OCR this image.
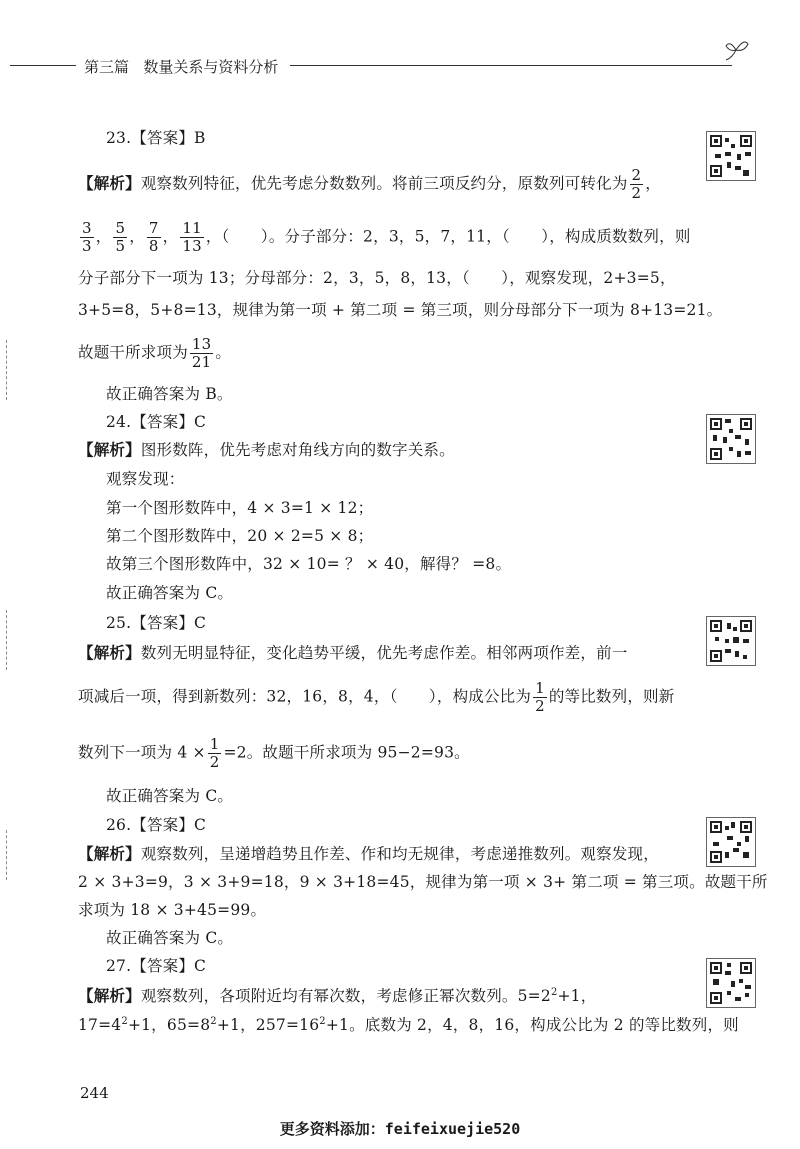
第三篇 数量关系与资料分析
23.【答案】B
【解析】观察数列特征，优先考虑分数数列。将前三项反约分，原数列可转化为 $\frac{2}{2}$ ，
$\frac{3}{3}$ ， $\frac{5}{5}$ ， $\frac{7}{8}$ ， $\frac{11}{13}$ ，（　　）。分子部分：2，3，5，7，11，（　　），构成质数数列，则
分子部分下一项为 13；分母部分：2，3，5，8，13，（　　），观察发现，2+3=5，
3+5=8，5+8=13，规律为第一项 + 第二项 = 第三项，则分母部分下一项为 8+13=21。
故题干所求项为 $\frac{13}{21}$ 。
故正确答案为 B。
24.【答案】C
【解析】图形数阵，优先考虑对角线方向的数字关系。
观察发现：
第一个图形数阵中，4 × 3=1 × 12；
第二个图形数阵中，20 × 2=5 × 8；
故第三个图形数阵中，32 × 10= ？ × 40，解得？ =8。
故正确答案为 C。
25.【答案】C
【解析】数列无明显特征，变化趋势平缓，优先考虑作差。相邻两项作差，前一
项减后一项，得到新数列：32，16，8，4，（　　），构成公比为 $\frac{1}{2}$ 的等比数列，则新
数列下一项为 $4 \times \frac{1}{2} =2$。故题干所求项为 95−2=93。
故正确答案为 C。
26.【答案】C
【解析】观察数列，呈递增趋势且作差、作和均无规律，考虑递推数列。观察发现，
2 × 3+3=9，3 × 3+9=18，9 × 3+18=45，规律为第一项 × 3+ 第二项 = 第三项。故题干所
求项为 18 × 3+45=99。
故正确答案为 C。
27.【答案】C
【解析】观察数列，各项附近均有幂次数，考虑修正幂次数列。$5=2^2+1$，
$17=4^2+1$，$65=8^2+1$，$257=16^2+1$。底数为 2，4，8，16，构成公比为 2 的等比数列，则
244
更多资料添加：feifeixuejie520
